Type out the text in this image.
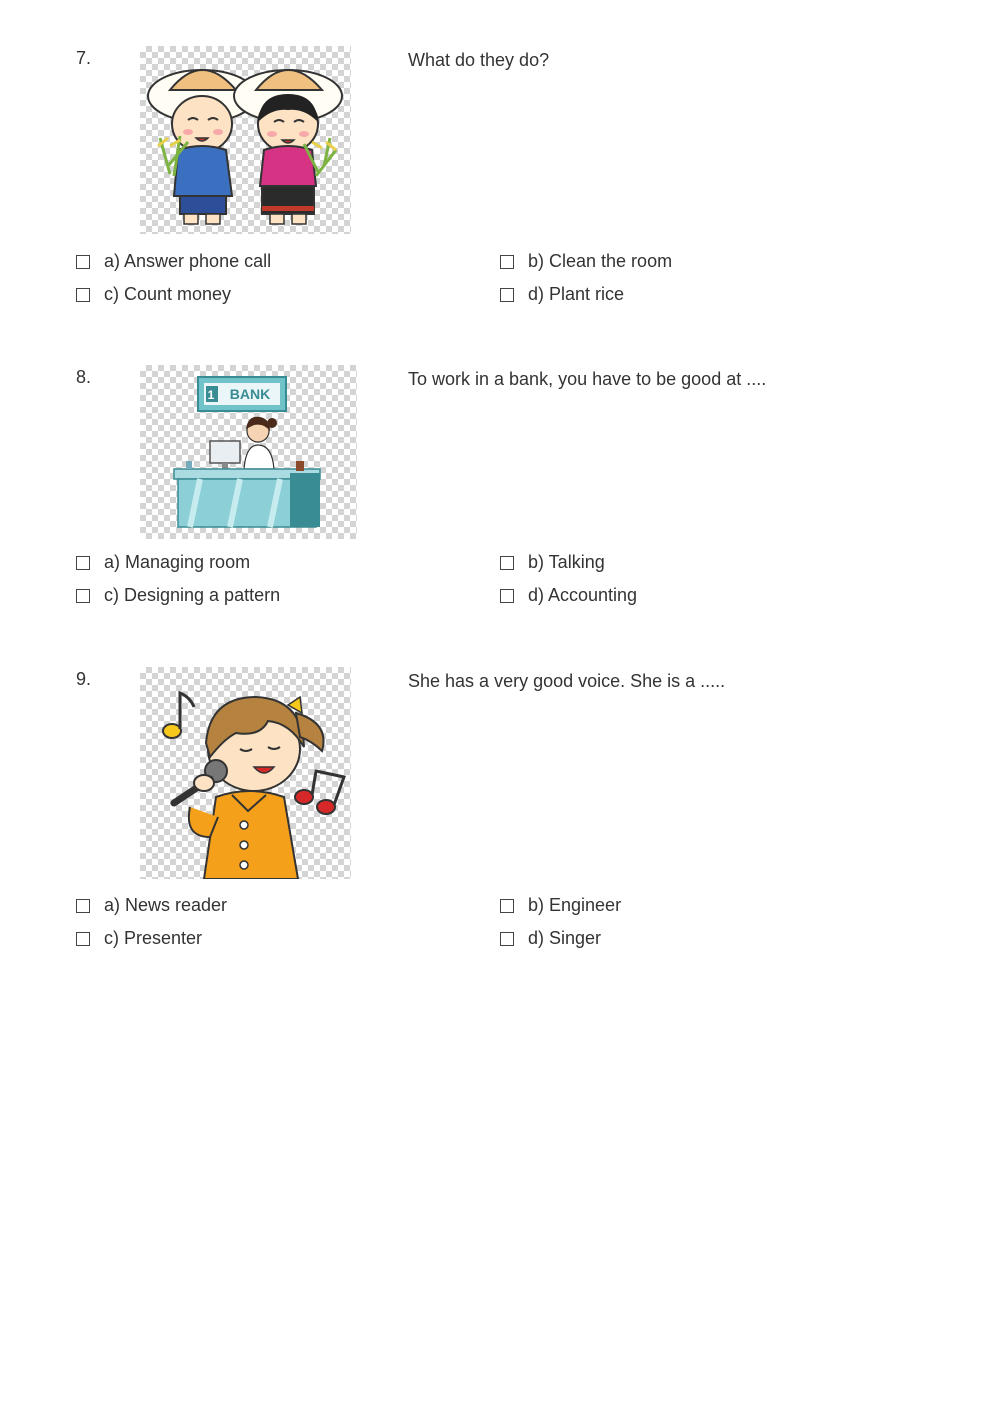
7.	What do they do?
a) Answer phone call	b) Clean the room
c) Count money	d) Plant rice
8.
1 BANK
To work in a bank, you have to be good at ....
a) Managing room	b) Talking
c) Designing a pattern	d) Accounting
9.	She has a very good voice. She is a .....
a) News reader	b) Engineer
c) Presenter	d) Singer
